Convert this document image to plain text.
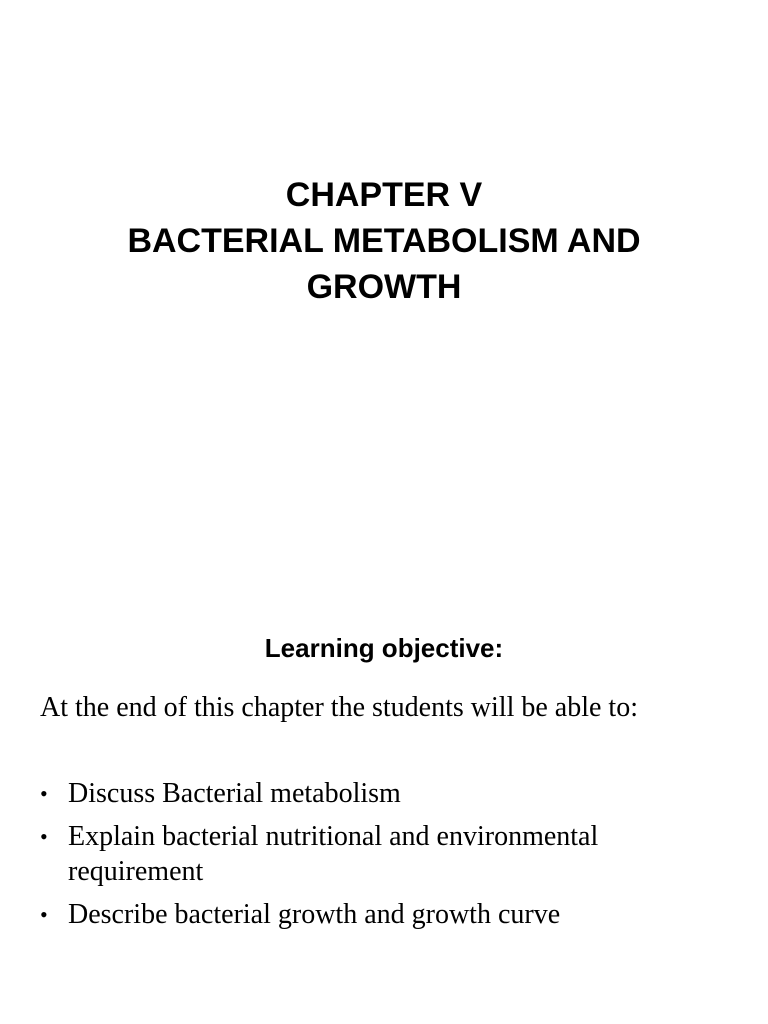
CHAPTER V
BACTERIAL METABOLISM AND
GROWTH
Learning objective:
At the end of this chapter the students will be able to:
• Discuss Bacterial metabolism
• Explain bacterial nutritional and environmental requirement
• Describe bacterial growth and growth curve
